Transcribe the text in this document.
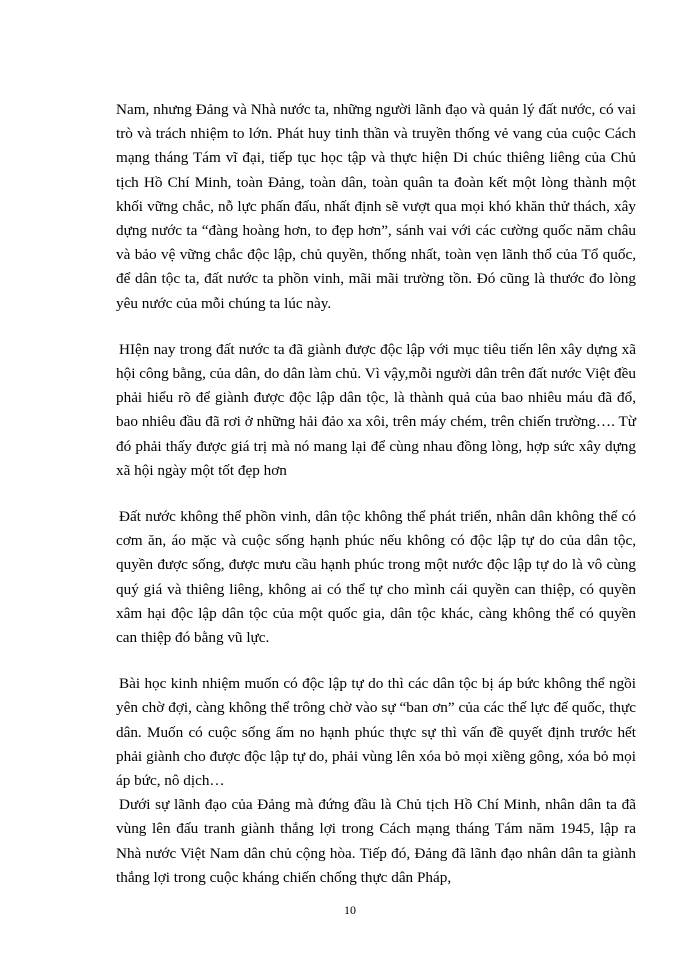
Nam, nhưng Đảng và Nhà nước ta, những người lãnh đạo và quản lý đất nước, có vai trò và trách nhiệm to lớn. Phát huy tinh thần và truyền thống vẻ vang của cuộc Cách mạng tháng Tám vĩ đại, tiếp tục học tập và thực hiện Di chúc thiêng liêng của Chủ tịch Hồ Chí Minh, toàn Đảng, toàn dân, toàn quân ta đoàn kết một lòng thành một khối vững chắc, nỗ lực phấn đấu, nhất định sẽ vượt qua mọi khó khăn thử thách, xây dựng nước ta “đàng hoàng hơn, to đẹp hơn”, sánh vai với các cường quốc năm châu và bảo vệ vững chắc độc lập, chủ quyền, thống nhất, toàn vẹn lãnh thổ của Tổ quốc, để dân tộc ta, đất nước ta phồn vinh, mãi mãi trường tồn. Đó cũng là thước đo lòng yêu nước của mỗi chúng ta lúc này.

HIện nay trong đất nước ta đã giành được độc lập với mục tiêu tiến lên xây dựng xã hội công bằng, của dân, do dân làm chủ. Vì vậy,mỗi người dân trên đất nước Việt đều phải hiểu rõ để giành được độc lập dân tộc, là thành quả của bao nhiêu máu đã đổ, bao nhiêu đầu đã rơi ở những hải đảo xa xôi, trên máy chém, trên chiến trường…. Từ đó phải thấy được giá trị mà nó mang lại để cùng nhau đồng lòng, hợp sức xây dựng xã hội ngày một tốt đẹp hơn

Đất nước không thể phồn vinh, dân tộc không thể phát triển, nhân dân không thể có cơm ăn, áo mặc và cuộc sống hạnh phúc nếu không có độc lập tự do của dân tộc, quyền được sống, được mưu cầu hạnh phúc trong một nước độc lập tự do là vô cùng quý giá và thiêng liêng, không ai có thể tự cho mình cái quyền can thiệp, có quyền xâm hại độc lập dân tộc của một quốc gia, dân tộc khác, càng không thể có quyền can thiệp đó bằng vũ lực.

Bài học kinh nhiệm muốn có độc lập tự do thì các dân tộc bị áp bức không thể ngồi yên chờ đợi, càng không thể trông chờ vào sự “ban ơn” của các thế lực đế quốc, thực dân. Muốn có cuộc sống ấm no hạnh phúc thực sự thì vấn đề quyết định trước hết phải giành cho được độc lập tự do, phải vùng lên xóa bỏ mọi xiềng gông, xóa bỏ mọi áp bức, nô dịch…

Dưới sự lãnh đạo của Đảng mà đứng đầu là Chủ tịch Hồ Chí Minh, nhân dân ta đã vùng lên đấu tranh giành thắng lợi trong Cách mạng tháng Tám năm 1945, lập ra Nhà nước Việt Nam dân chủ cộng hòa. Tiếp đó, Đảng đã lãnh đạo nhân dân ta giành thắng lợi trong cuộc kháng chiến chống thực dân Pháp,

10
